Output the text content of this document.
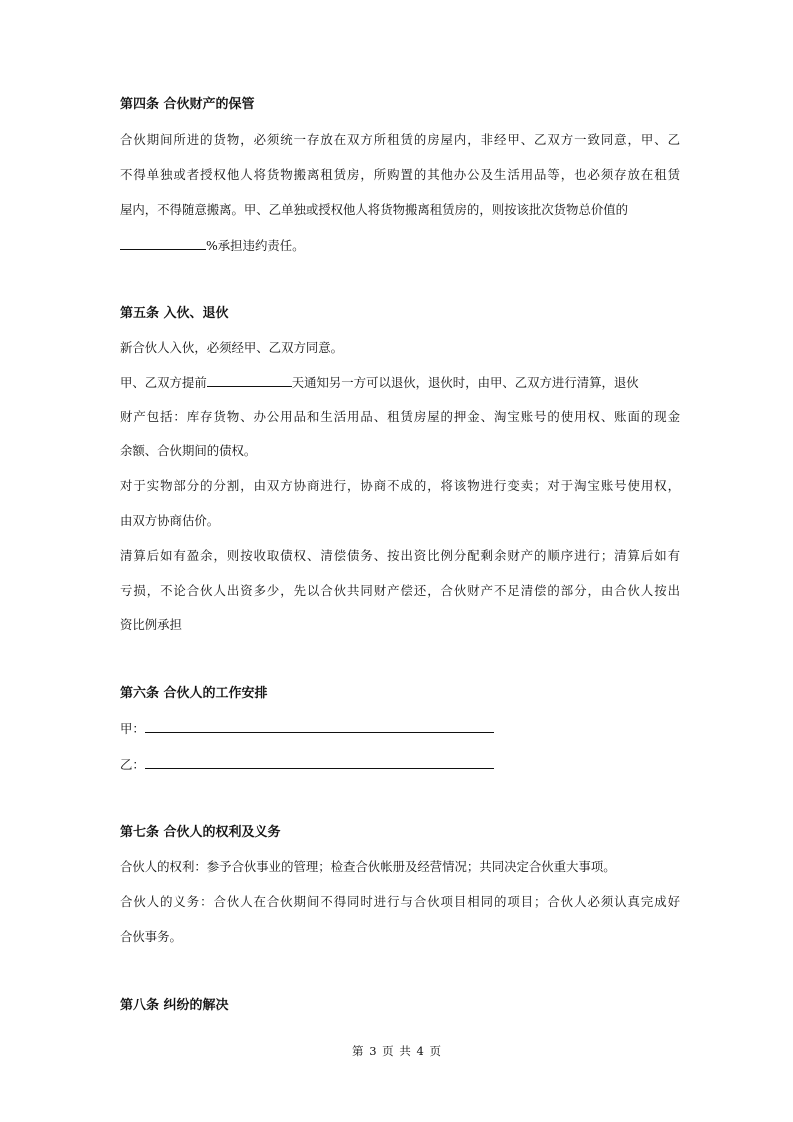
第四条 合伙财产的保管
合伙期间所进的货物，必须统一存放在双方所租赁的房屋内，非经甲、乙双方一致同意，甲、乙
不得单独或者授权他人将货物搬离租赁房，所购置的其他办公及生活用品等，也必须存放在租赁
屋内，不得随意搬离。甲、乙单独或授权他人将货物搬离租赁房的，则按该批次货物总价值的
%承担违约责任。
第五条 入伙、退伙
新合伙人入伙，必须经甲、乙双方同意。
甲、乙双方提前	天通知另一方可以退伙，退伙时，由甲、乙双方进行清算，退伙
财产包括：库存货物、办公用品和生活用品、租赁房屋的押金、淘宝账号的使用权、账面的现金
余额、合伙期间的债权。
对于实物部分的分割，由双方协商进行，协商不成的，将该物进行变卖；对于淘宝账号使用权，
由双方协商估价。
清算后如有盈余，则按收取债权、清偿债务、按出资比例分配剩余财产的顺序进行；清算后如有
亏损，不论合伙人出资多少，先以合伙共同财产偿还，合伙财产不足清偿的部分，由合伙人按出
资比例承担
第六条 合伙人的工作安排
甲：
乙：
第七条 合伙人的权利及义务
合伙人的权利：参予合伙事业的管理；检查合伙帐册及经营情况；共同决定合伙重大事项。
合伙人的义务：合伙人在合伙期间不得同时进行与合伙项目相同的项目；合伙人必须认真完成好
合伙事务。
第八条 纠纷的解决
第 3 页 共 4 页
